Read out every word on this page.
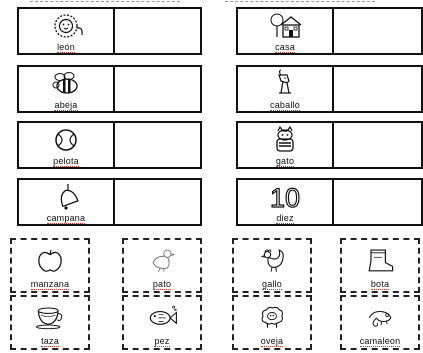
león
abeja
pelota
campana
casa
caballo
gato
10
diez
manzana	pato	gallo	bota
taza	pez	oveja	camaleon
